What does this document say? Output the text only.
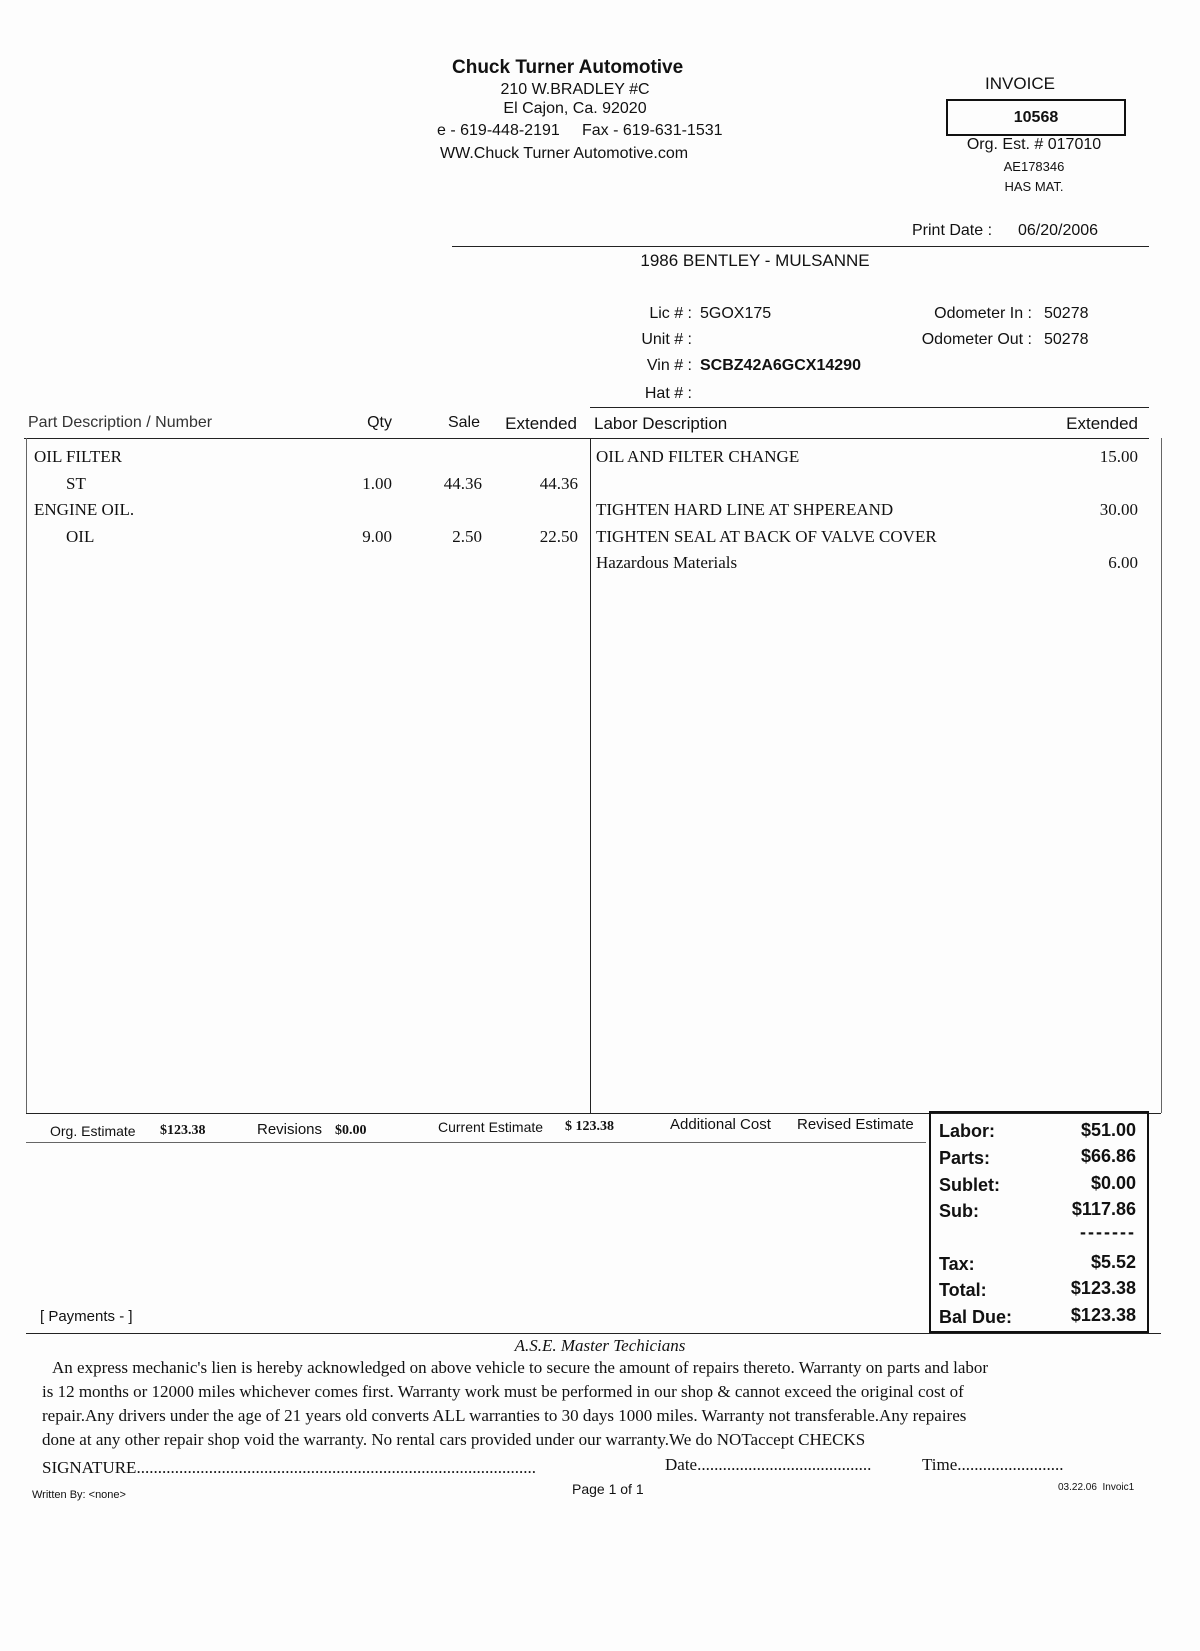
Chuck Turner Automotive
210 W.BRADLEY #C
El Cajon, Ca. 92020
e - 619-448-2191     Fax - 619-631-1531
WW.Chuck Turner Automotive.com
INVOICE
10568
Org. Est. # 017010
AE178346
HAS MAT.
Print Date : 06/20/2006
1986 BENTLEY - MULSANNE
Lic # : 5GOX175
Unit # :
Vin # : SCBZ42A6GCX14290
Hat # :
Odometer In : 50278
Odometer Out : 50278
Part Description / Number	Qty	Sale	Extended Labor Description	Extended
OIL FILTER
ST	1.00	44.36	44.36
ENGINE OIL.
OIL	9.00	2.50	22.50
OIL AND FILTER CHANGE	15.00
TIGHTEN HARD LINE AT SHPEREAND	30.00
TIGHTEN SEAL AT BACK OF VALVE COVER
Hazardous Materials	6.00
Org. Estimate $123.38	Revisions $0.00	Current Estimate $ 123.38	Additional Cost Revised Estimate
[ Payments - ]
Labor:	$51.00
Parts:	$66.86
Sublet:	$0.00
Sub:	$117.86
-------
Tax:	$5.52
Total:	$123.38
Bal Due:	$123.38
A.S.E. Master Techicians
An express mechanic's lien is hereby acknowledged on above vehicle to secure the amount of repairs thereto. Warranty on parts and labor
is 12 months or 12000 miles whichever comes first. Warranty work must be performed in our shop & cannot exceed the original cost of
repair.Any drivers under the age of 21 years old converts ALL warranties to 30 days 1000 miles. Warranty not transferable.Any repaires
done at any other repair shop void the warranty. No rental cars provided under our warranty.We do NOTaccept CHECKS
SIGNATURE..............................................................................................	Date.........................................	Time.........................
Written By: <none>	Page 1 of 1	03.22.06  Invoic1
